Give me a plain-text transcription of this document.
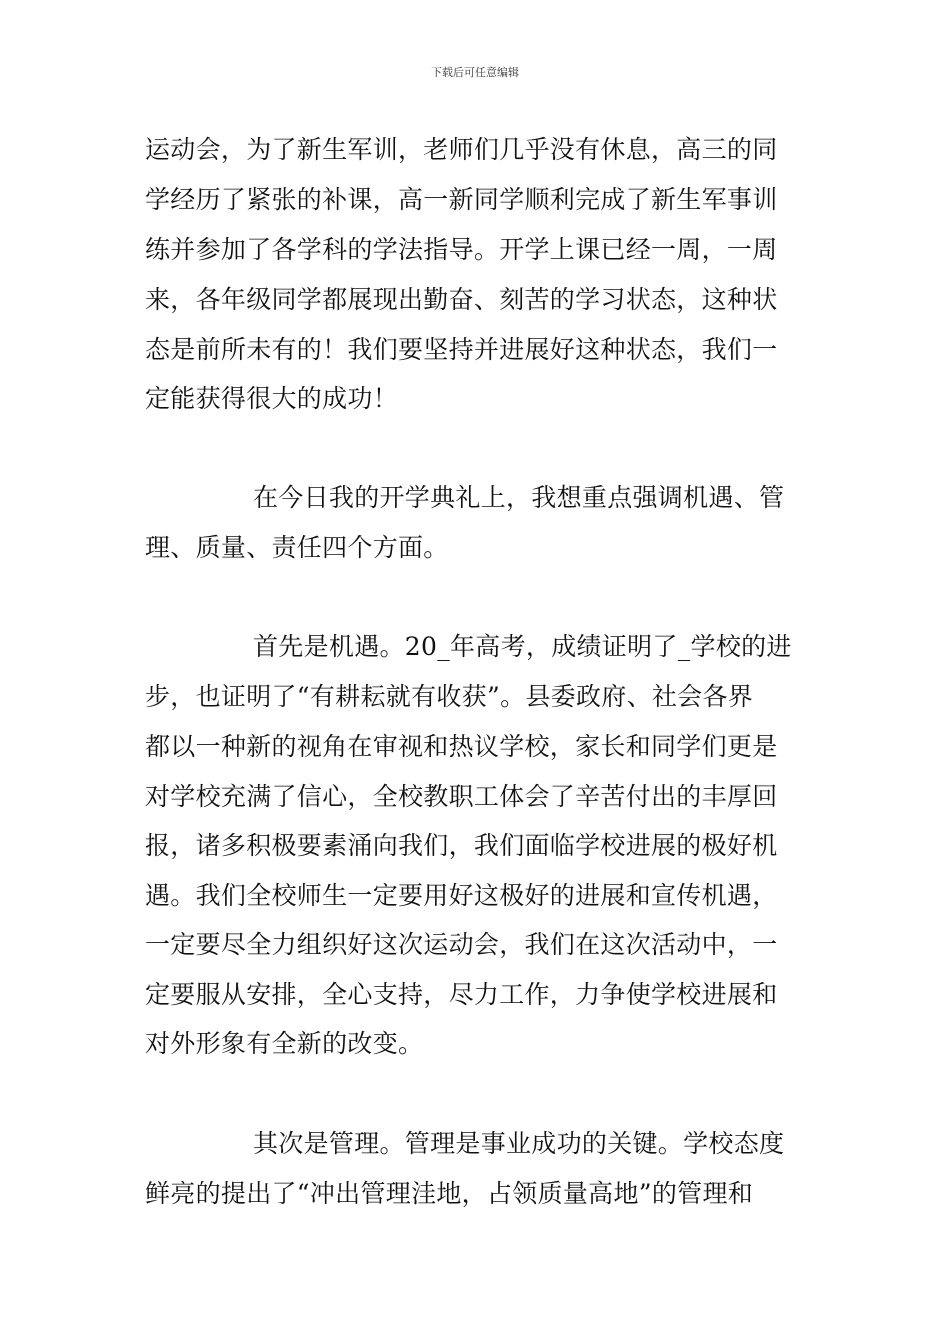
下载后可任意编辑
运动会，为了新生军训，老师们几乎没有休息，高三的同
学经历了紧张的补课，高一新同学顺利完成了新生军事训
练并参加了各学科的学法指导。开学上课已经一周，一周
来，各年级同学都展现出勤奋、刻苦的学习状态，这种状
态是前所未有的！我们要坚持并进展好这种状态，我们一
定能获得很大的成功！
在今日我的开学典礼上，我想重点强调机遇、管
理、质量、责任四个方面。
首先是机遇。20_年高考，成绩证明了_学校的进
步，也证明了“有耕耘就有收获”。县委政府、社会各界
都以一种新的视角在审视和热议学校，家长和同学们更是
对学校充满了信心，全校教职工体会了辛苦付出的丰厚回
报，诸多积极要素涌向我们，我们面临学校进展的极好机
遇。我们全校师生一定要用好这极好的进展和宣传机遇，
一定要尽全力组织好这次运动会，我们在这次活动中，一
定要服从安排，全心支持，尽力工作，力争使学校进展和
对外形象有全新的改变。
其次是管理。管理是事业成功的关键。学校态度
鲜亮的提出了“冲出管理洼地，占领质量高地”的管理和
